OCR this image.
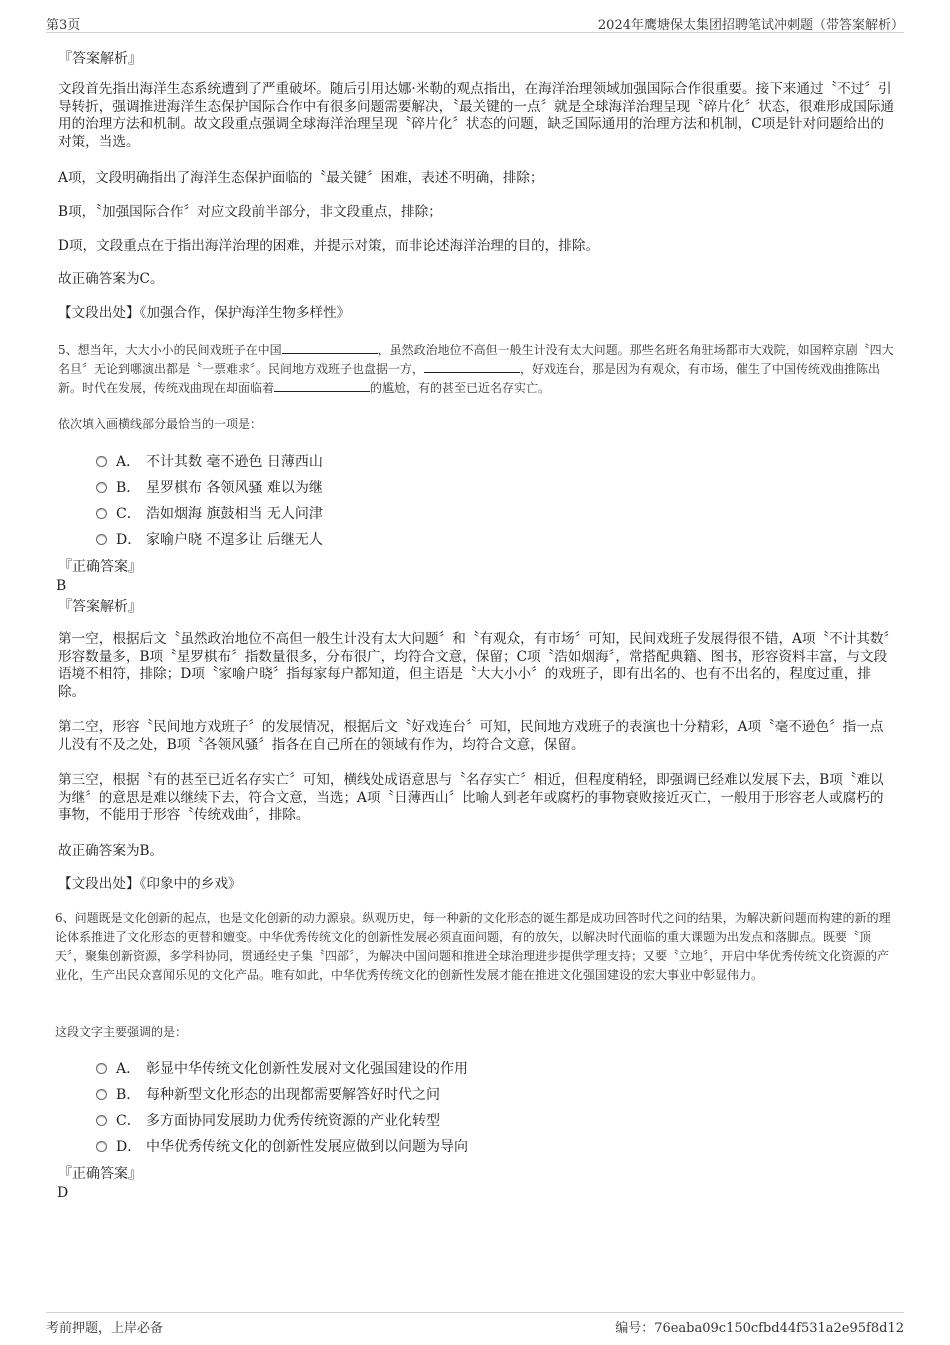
第3页	2024年鹰塘保太集团招聘笔试冲刺题（带答案解析）
『答案解析』
文段首先指出海洋生态系统遭到了严重破坏。随后引用达娜·米勒的观点指出，在海洋治理领域加强国际合作很重要。接下来通过〝不过〞引导转折，强调推进海洋生态保护国际合作中有很多问题需要解决，〝最关键的一点〞就是全球海洋治理呈现〝碎片化〞状态，很难形成国际通用的治理方法和机制。故文段重点强调全球海洋治理呈现〝碎片化〞状态的问题，缺乏国际通用的治理方法和机制，C项是针对问题给出的对策，当选。
A项，文段明确指出了海洋生态保护面临的〝最关键〞困难，表述不明确，排除；
B项，〝加强国际合作〞对应文段前半部分，非文段重点，排除；
D项，文段重点在于指出海洋治理的困难，并提示对策，而非论述海洋治理的目的，排除。
故正确答案为C。
【文段出处】《加强合作，保护海洋生物多样性》
5、想当年，大大小小的民间戏班子在中国	，虽然政治地位不高但一般生计没有太大问题。那些名班名角驻场都市大戏院，如国粹京剧〝四大名旦〞无论到哪演出都是〝一票难求〞。民间地方戏班子也盘据一方，	，好戏连台，那是因为有观众，有市场，催生了中国传统戏曲推陈出新。时代在发展，传统戏曲现在却面临着	的尴尬，有的甚至已近名存实亡。
依次填入画横线部分最恰当的一项是：
A． 不计其数 毫不逊色 日薄西山
B． 星罗棋布 各领风骚 难以为继
C． 浩如烟海 旗鼓相当 无人问津
D． 家喻户晓 不遑多让 后继无人
『正确答案』
B
『答案解析』
第一空，根据后文〝虽然政治地位不高但一般生计没有太大问题〞和〝有观众，有市场〞可知，民间戏班子发展得很不错，A项〝不计其数〞形容数量多，B项〝星罗棋布〞指数量很多，分布很广，均符合文意，保留；C项〝浩如烟海〞，常搭配典籍、图书，形容资料丰富，与文段语境不相符，排除；D项〝家喻户晓〞指每家每户都知道，但主语是〝大大小小〞的戏班子，即有出名的、也有不出名的，程度过重，排除。
第二空，形容〝民间地方戏班子〞的发展情况，根据后文〝好戏连台〞可知，民间地方戏班子的表演也十分精彩，A项〝毫不逊色〞指一点儿没有不及之处，B项〝各领风骚〞指各在自己所在的领域有作为，均符合文意，保留。
第三空，根据〝有的甚至已近名存实亡〞可知，横线处成语意思与〝名存实亡〞相近，但程度稍轻，即强调已经难以发展下去，B项〝难以为继〞的意思是难以继续下去，符合文意，当选；A项〝日薄西山〞比喻人到老年或腐朽的事物衰败接近灭亡，一般用于形容老人或腐朽的事物，不能用于形容〝传统戏曲〞，排除。
故正确答案为B。
【文段出处】《印象中的乡戏》
6、问题既是文化创新的起点，也是文化创新的动力源泉。纵观历史，每一种新的文化形态的诞生都是成功回答时代之问的结果，为解决新问题而构建的新的理论体系推进了文化形态的更替和嬗变。中华优秀传统文化的创新性发展必须直面问题，有的放矢，以解决时代面临的重大课题为出发点和落脚点。既要〝顶天〞，聚集创新资源，多学科协同，贯通经史子集〝四部〞，为解决中国问题和推进全球治理进步提供学理支持；又要〝立地〞，开启中华优秀传统文化资源的产业化，生产出民众喜闻乐见的文化产品。唯有如此，中华优秀传统文化的创新性发展才能在推进文化强国建设的宏大事业中彰显伟力。
这段文字主要强调的是：
A． 彰显中华传统文化创新性发展对文化强国建设的作用
B． 每种新型文化形态的出现都需要解答好时代之问
C． 多方面协同发展助力优秀传统资源的产业化转型
D． 中华优秀传统文化的创新性发展应做到以问题为导向
『正确答案』
D
考前押题，上岸必备	编号：76eaba09c150cfbd44f531a2e95f8d12
